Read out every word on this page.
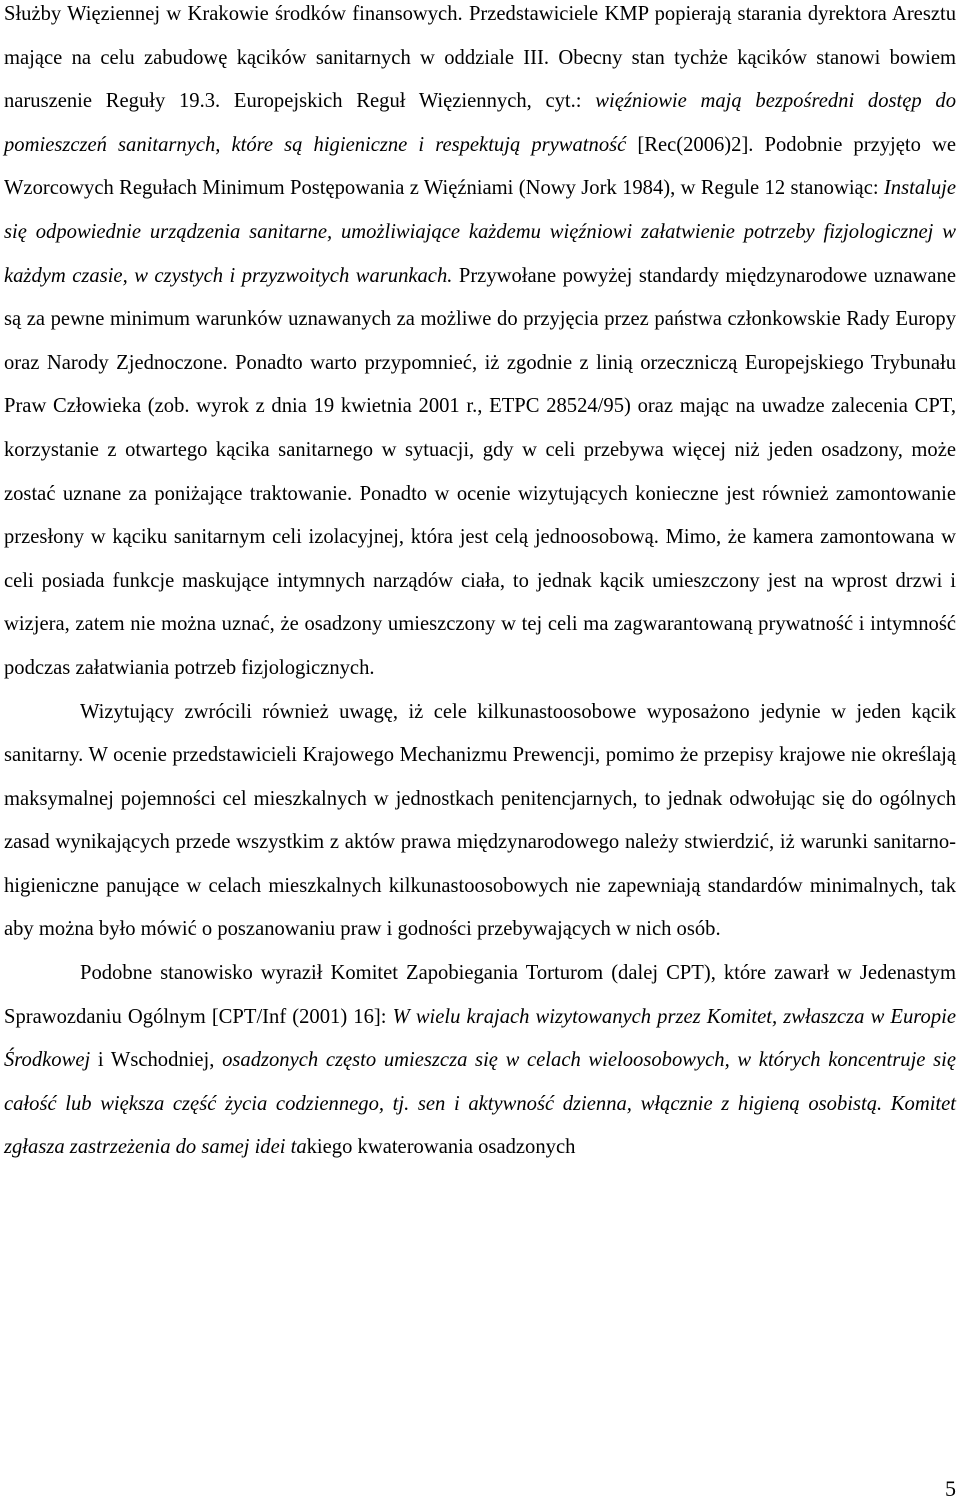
Służby Więziennej w Krakowie środków finansowych. Przedstawiciele KMP popierają starania dyrektora Aresztu mające na celu zabudowę kącików sanitarnych w oddziale III. Obecny stan tychże kącików stanowi bowiem naruszenie Reguły 19.3. Europejskich Reguł Więziennych, cyt.: więźniowie mają bezpośredni dostęp do pomieszczeń sanitarnych, które są higieniczne i respektują prywatność [Rec(2006)2]. Podobnie przyjęto we Wzorcowych Regułach Minimum Postępowania z Więźniami (Nowy Jork 1984), w Regule 12 stanowiąc: Instaluje się odpowiednie urządzenia sanitarne, umożliwiające każdemu więźniowi załatwienie potrzeby fizjologicznej w każdym czasie, w czystych i przyzwoitych warunkach. Przywołane powyżej standardy międzynarodowe uznawane są za pewne minimum warunków uznawanych za możliwe do przyjęcia przez państwa członkowskie Rady Europy oraz Narody Zjednoczone. Ponadto warto przypomnieć, iż zgodnie z linią orzeczniczą Europejskiego Trybunału Praw Człowieka (zob. wyrok z dnia 19 kwietnia 2001 r., ETPC 28524/95) oraz mając na uwadze zalecenia CPT, korzystanie z otwartego kącika sanitarnego w sytuacji, gdy w celi przebywa więcej niż jeden osadzony, może zostać uznane za poniżające traktowanie. Ponadto w ocenie wizytujących konieczne jest również zamontowanie przesłony w kąciku sanitarnym celi izolacyjnej, która jest celą jednoosobową. Mimo, że kamera zamontowana w celi posiada funkcje maskujące intymnych narządów ciała, to jednak kącik umieszczony jest na wprost drzwi i wizjera, zatem nie można uznać, że osadzony umieszczony w tej celi ma zagwarantowaną prywatność i intymność podczas załatwiania potrzeb fizjologicznych.

Wizytujący zwrócili również uwagę, iż cele kilkunastoosobowe wyposażono jedynie w jeden kącik sanitarny. W ocenie przedstawicieli Krajowego Mechanizmu Prewencji, pomimo że przepisy krajowe nie określają maksymalnej pojemności cel mieszkalnych w jednostkach penitencjarnych, to jednak odwołując się do ogólnych zasad wynikających przede wszystkim z aktów prawa międzynarodowego należy stwierdzić, iż warunki sanitarno-higieniczne panujące w celach mieszkalnych kilkunastoosobowych nie zapewniają standardów minimalnych, tak aby można było mówić o poszanowaniu praw i godności przebywających w nich osób.

Podobne stanowisko wyraził Komitet Zapobiegania Torturom (dalej CPT), które zawarł w Jedenastym Sprawozdaniu Ogólnym [CPT/Inf (2001) 16]: W wielu krajach wizytowanych przez Komitet, zwłaszcza w Europie Środkowej i Wschodniej, osadzonych często umieszcza się w celach wieloosobowych, w których koncentruje się całość lub większa część życia codziennego, tj. sen i aktywność dzienna, włącznie z higieną osobistą. Komitet zgłasza zastrzeżenia do samej idei takiego kwaterowania osadzonych

5
